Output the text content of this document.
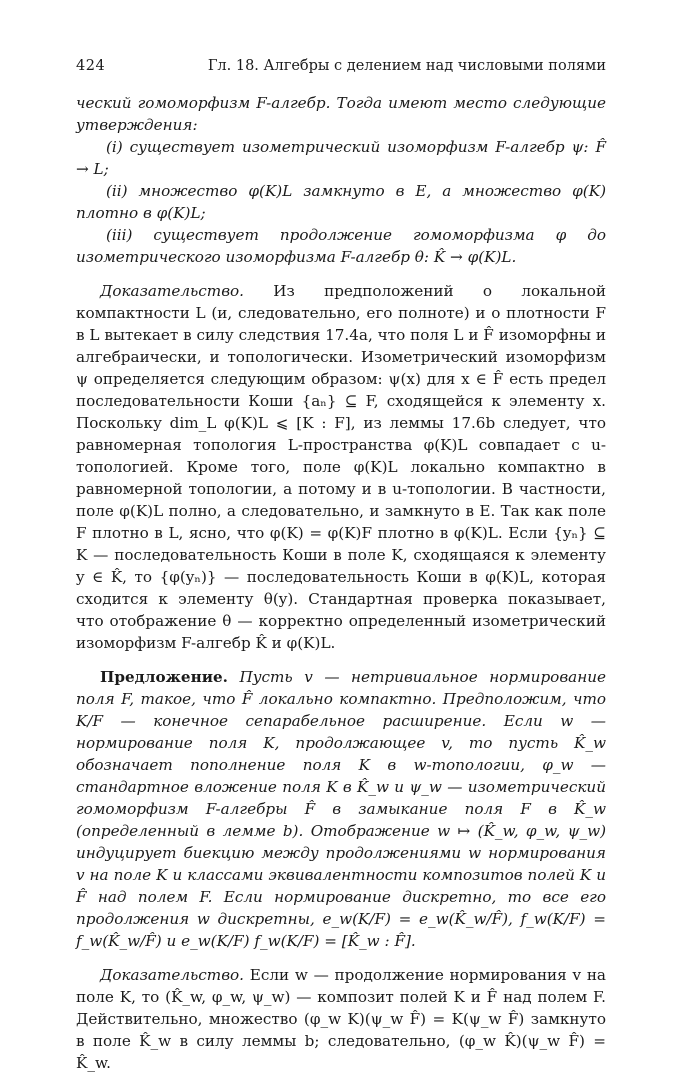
424	Гл. 18. Алгебры с делением над числовыми полями

ческий гомоморфизм F-алгебр. Тогда имеют место следующие утверждения:

(i) существует изометрический изоморфизм F-алгебр ψ: F̂ → L;

(ii) множество φ(K)L замкнуто в E, а множество φ(K) плотно в φ(K)L;

(iii) существует продолжение гомоморфизма φ до изометрического изоморфизма F-алгебр θ: K̂ → φ(K)L.

Доказательство. Из предположений о локальной компактности L (и, следовательно, его полноте) и о плотности F в L вытекает в силу следствия 17.4а, что поля L и F̂ изоморфны и алгебраически, и топологически. Изометрический изоморфизм ψ определяется следующим образом: ψ(x) для x ∈ F̂ есть предел последовательности Коши {aₙ} ⊆ F, сходящейся к элементу x. Поскольку dim_L φ(K)L ⩽ [K : F], из леммы 17.6b следует, что равномерная топология L-пространства φ(K)L совпадает с u-топологией. Кроме того, поле φ(K)L локально компактно в равномерной топологии, а потому и в u-топологии. В частности, поле φ(K)L полно, а следовательно, и замкнуто в E. Так как поле F плотно в L, ясно, что φ(K) = φ(K)F плотно в φ(K)L. Если {yₙ} ⊆ K — последовательность Коши в поле K, сходящаяся к элементу y ∈ K̂, то {φ(yₙ)} — последовательность Коши в φ(K)L, которая сходится к элементу θ(y). Стандартная проверка показывает, что отображение θ — корректно определенный изометрический изоморфизм F-алгебр K̂ и φ(K)L.

Предложение. Пусть v — нетривиальное нормирование поля F, такое, что F̂ локально компактно. Предположим, что K/F — конечное сепарабельное расширение. Если w — нормирование поля K, продолжающее v, то пусть K̂_w обозначает пополнение поля K в w-топологии, φ_w — стандартное вложение поля K в K̂_w и ψ_w — изометрический гомоморфизм F-алгебры F̂ в замыкание поля F в K̂_w (определенный в лемме b). Отображение w ↦ (K̂_w, φ_w, ψ_w) индуцирует биекцию между продолжениями w нормирования v на поле K и классами эквивалентности композитов полей K и F̂ над полем F. Если нормирование дискретно, то все его продолжения w дискретны, e_w(K/F) = e_w(K̂_w/F̂), f_w(K/F) = f_w(K̂_w/F̂) и e_w(K/F) f_w(K/F) = [K̂_w : F̂].

Доказательство. Если w — продолжение нормирования v на поле K, то (K̂_w, φ_w, ψ_w) — композит полей K и F̂ над полем F. Действительно, множество (φ_w K)(ψ_w F̂) = K(ψ_w F̂) замкнуто в поле K̂_w в силу леммы b; следовательно, (φ_w K̂)(ψ_w F̂) = K̂_w.
